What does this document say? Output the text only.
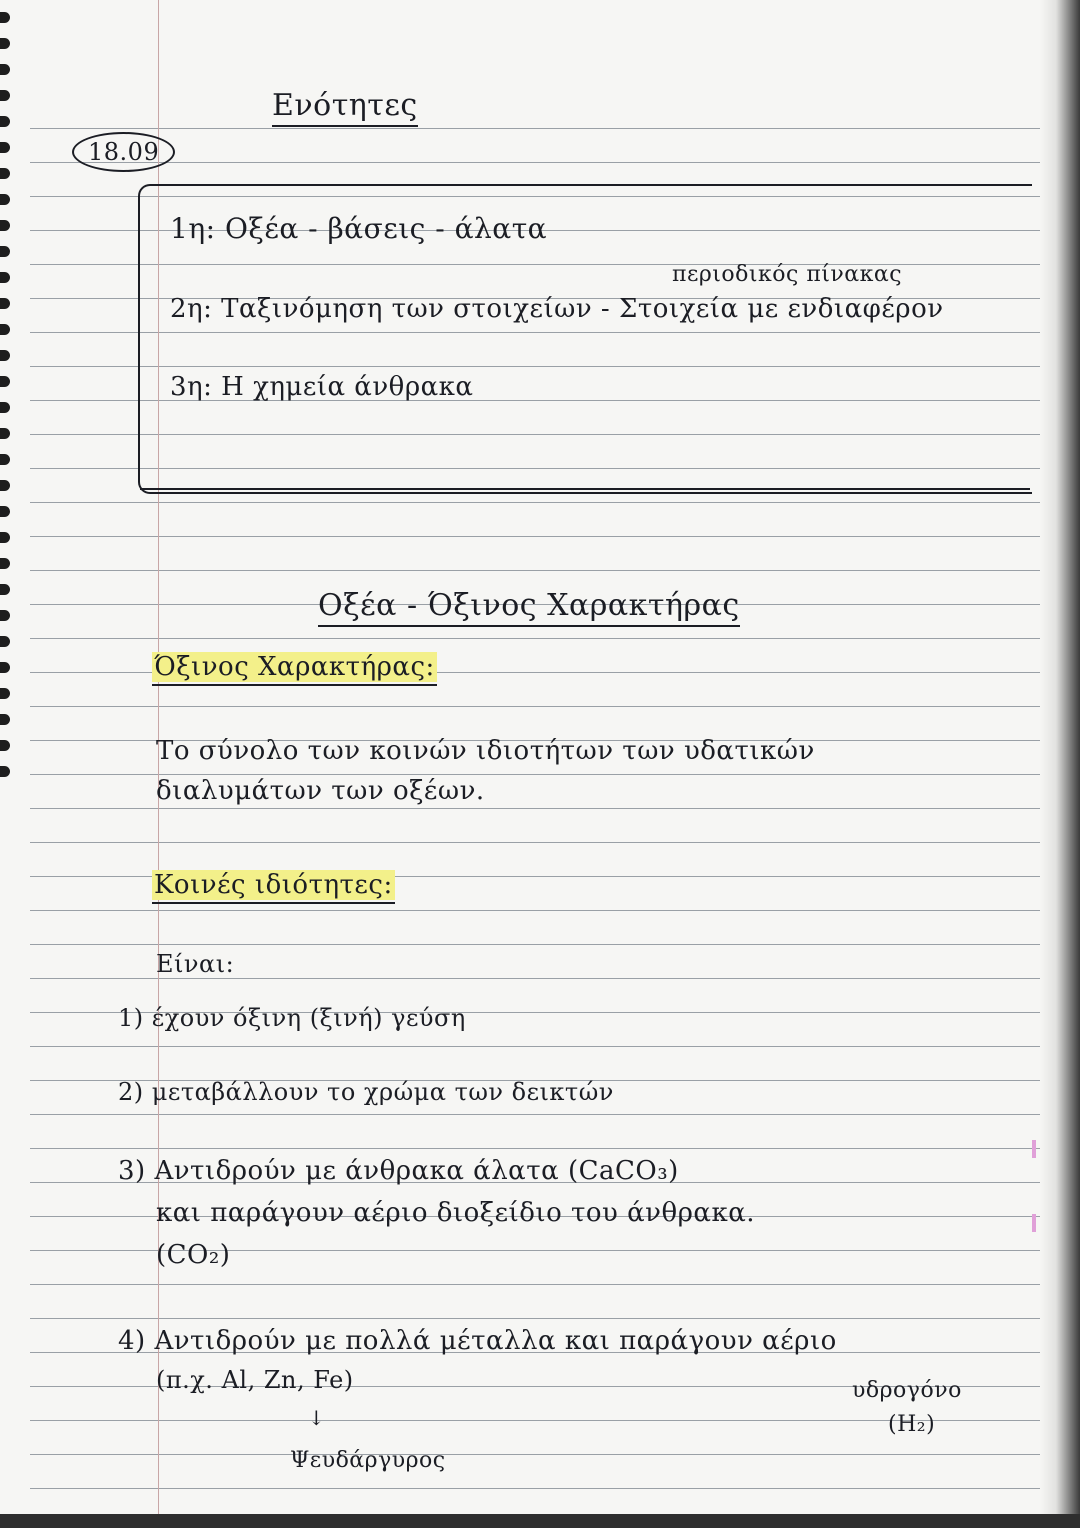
18.09
Ενότητες
1η: Οξέα - βάσεις - άλατα
περιοδικός πίνακας
2η: Ταξινόμηση των στοιχείων - Στοιχεία με ενδιαφέρον
3η: Η χημεία άνθρακα
Οξέα - Όξινος Χαρακτήρας
Όξινος Χαρακτήρας:
Το σύνολο των κοινών ιδιοτήτων των υδατικών
διαλυμάτων των οξέων.
Κοινές ιδιότητες:
Είναι:
1) έχουν όξινη (ξινή) γεύση
2) μεταβάλλουν το χρώμα των δεικτών
3) Αντιδρούν με άνθρακα άλατα (CaCO₃)
και παράγουν αέριο διοξείδιο του άνθρακα.
(CO₂)
4) Αντιδρούν με πολλά μέταλλα και παράγουν αέριο
(π.χ. Al, Zn, Fe)	υδρογόνο
(H₂)
↓
Ψευδάργυρος
